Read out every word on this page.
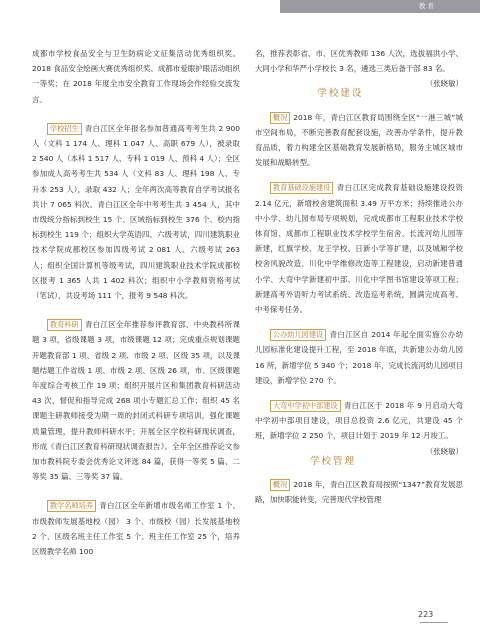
教育

成都市学校食品安全与卫生防病论文征集活动优秀组织奖。2018 食品安全绘画大赛优秀组织奖、成都市爱眼护眼活动组织一等奖；在 2018 年度全市安全教育工作现场会作经验交流发言。

学校招生 青白江区全年报名参加普通高考考生共 2 900 人（文科 1 174 人、理科 1 047 人、高职 679 人），被录取 2 540 人（本科 1 517 人、专科 1 019 人、预科 4 人）；全区参加成人高考考生共 534 人（文科 83 人、理科 198 人、专升本 253 人），录取 432 人；全年两次高等教育自学考试报名共计 7 065 科次。青白江区全年中考考生共 3 454 人，其中市级统分指标到校生 15 个、区域指标到校生 376 个、校内指标到校生 119 个；组织大学英语四、六级考试，四川建筑职业技术学院成都校区参加四级考试 2 081 人、六级考试 263 人；组织全国计算机等级考试，四川建筑职业技术学院成都校区报考 1 365 人共 1 402 科次；组织中小学教师资格考试（笔试），共设考场 111 个，报考 9 548 科次。

教育科研 青白江区全年推荐参评教育部、中央教科所课题 3 项，省级课题 3 项，市级课题 12 项；完成重点规划课题开题教育部 1 项、省级 2 项、市级 2 项、区级 35 项，以及课题结题工作省级 1 项、市级 2 项、区级 26 项，市、区级课题年度综合考核工作 19 项；组织开展片区和集团教育科研活动 43 次，督促和指导完成 268 项小专题汇总工作；组织 45 名课题主研教师接受为期一周的封闭式科研专项培训，强化课题质量管理，提升教师科研水平；开展全区学校科研现状调查，形成《青白江区教育科研现状调查报告》。全年全区推荐论文参加市教科院专委会优秀论文评选 84 篇，获得一等奖 5 篇、二等奖 35 篇、三等奖 37 篇。

教学名师培养 青白江区全年新增市级名师工作室 1 个、市级教师发展基地校（园） 3 个、市级校（园）长发展基地校 2 个、区级名班主任工作室 5 个、班主任工作室 25 个，培养区级教学名师 100

名，推荐表彰省、市、区优秀教师 136 人次，选拔福洪小学、大同小学和华严小学校长 3 名，遴选三类后备干部 83 名。
（张晓敏）

学校建设

概况 2018 年，青白江区教育局围绕全区“一港三城”城市空间布局，不断完善教育配套设施，改善办学条件，提升教育品质，着力构建全区基础教育发展新格局，服务主城区城市发展和战略转型。

教育基础设施建设 青白江区完成教育基础设施建设投资 2.14 亿元，新增校舍建筑面积 3.49 万平方米；持续推进公办中小学、幼儿园布局专项规划，完成成都市工程职业技术学校体育馆、成都市工程职业技术学校学生宿舍、长流河幼儿园等新建，红旗学校、龙王学校、日新小学等扩建，以及城厢学校校舍风貌改造、川化中学维修改造等工程建设，启动新建普通小学、大弯中学新建初中部、川化中学图书馆建设等项工程；新建高考外语听力考试系统、改造巡考系统，圆满完成高考、中考保考任务。

公办幼儿园建设 青白江区自 2014 年起全面实施公办幼儿园标准化建设提升工程，至 2018 年底，共新建公办幼儿园 16 所，新增学位 5 340 个；2018 年，完成长流河幼儿园项目建设，新增学位 270 个。

大弯中学初中部建设 青白江区于 2018 年 9 月启动大弯中学初中部项目建设，项目总投资 2.6 亿元，共建设 45 个班，新增学位 2 250 个，项目计划于 2019 年 12 月竣工。
（张晓敏）

学校管理

概况 2018 年，青白江区教育局按照“1347”教育发展思路，加快职能转变，完善现代学校管理

223
